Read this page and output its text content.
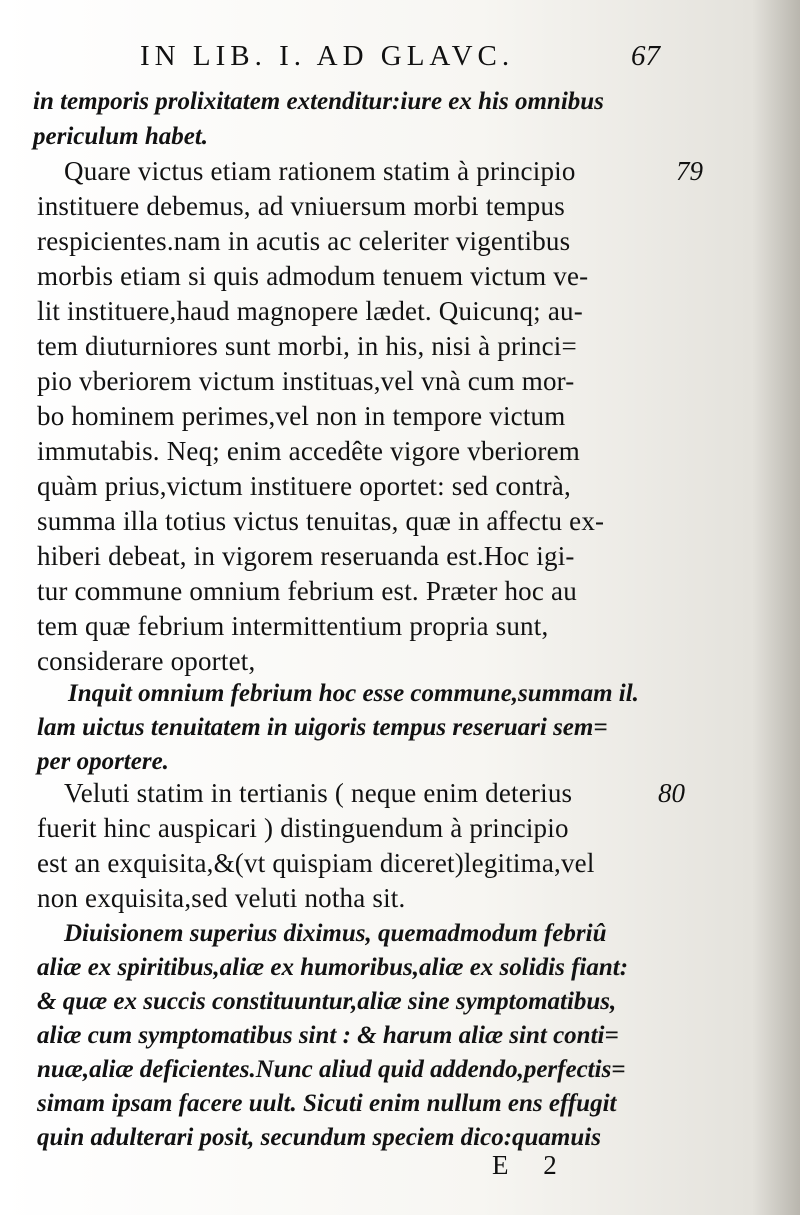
IN LIB. I. AD GLAVC.	67

in temporis prolixitatem extenditur:iure ex his omnibus

periculum habet.

Quare victus etiam rationem statim à principio	79

instituere debemus, ad vniuersum morbi tempus

respicientes.nam in acutis ac celeriter vigentibus

morbis etiam si quis admodum tenuem victum ve-

lit instituere,haud magnopere lædet. Quicunq; au-

tem diuturniores sunt morbi, in his, nisi à princi=

pio vberiorem victum instituas,vel vnà cum mor-

bo hominem perimes,vel non in tempore victum

immutabis. Neq; enim accedête vigore vberiorem

quàm prius,victum instituere oportet: sed contrà,

summa illa totius victus tenuitas, quæ in affectu ex-

hiberi debeat, in vigorem reseruanda est.Hoc igi-

tur commune omnium febrium est. Præter hoc au

tem quæ febrium intermittentium propria sunt,

considerare oportet,

Inquit omnium febrium hoc esse commune,summam il.

lam uictus tenuitatem in uigoris tempus reseruari sem=

per oportere.

Veluti statim in tertianis ( neque enim deterius	80

fuerit hinc auspicari ) distinguendum à principio

est an exquisita,&(vt quispiam diceret)legitima,vel

non exquisita,sed veluti notha sit.

Diuisionem superius diximus, quemadmodum febriû

aliæ ex spiritibus,aliæ ex humoribus,aliæ ex solidis fiant:

& quæ ex succis constituuntur,aliæ sine symptomatibus,

aliæ cum symptomatibus sint : & harum aliæ sint conti=

nuæ,aliæ deficientes.Nunc aliud quid addendo,perfectis=

simam ipsam facere uult. Sicuti enim nullum ens effugit

quin adulterari posit, secundum speciem dico:quamuis

E 2
